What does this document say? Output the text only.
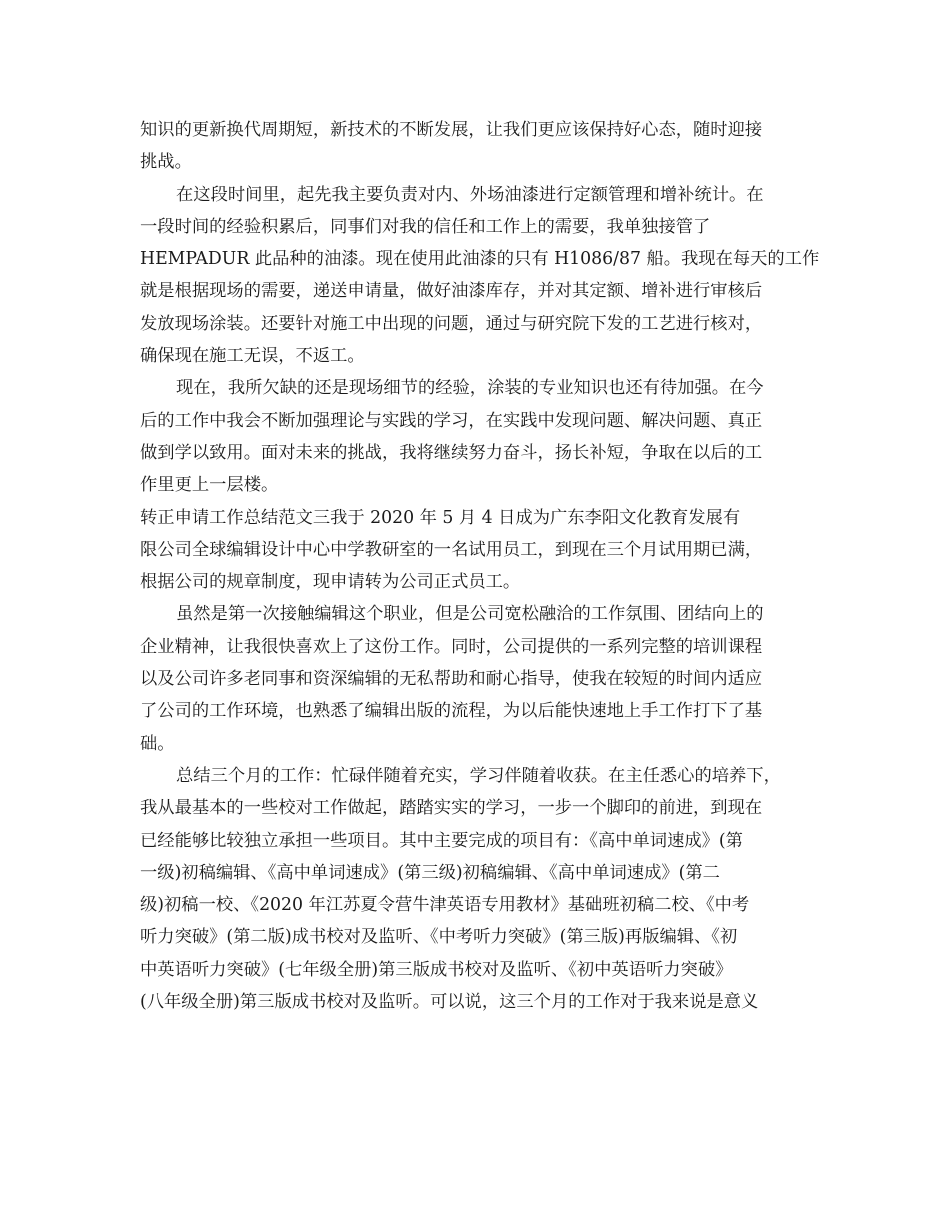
知识的更新换代周期短，新技术的不断发展，让我们更应该保持好心态，随时迎接
挑战。
在这段时间里，起先我主要负责对内、外场油漆进行定额管理和增补统计。在
一段时间的经验积累后，同事们对我的信任和工作上的需要，我单独接管了
HEMPADUR 此品种的油漆。现在使用此油漆的只有 H1086/87 船。我现在每天的工作
就是根据现场的需要，递送申请量，做好油漆库存，并对其定额、增补进行审核后
发放现场涂装。还要针对施工中出现的问题，通过与研究院下发的工艺进行核对，
确保现在施工无误，不返工。
现在，我所欠缺的还是现场细节的经验，涂装的专业知识也还有待加强。在今
后的工作中我会不断加强理论与实践的学习，在实践中发现问题、解决问题、真正
做到学以致用。面对未来的挑战，我将继续努力奋斗，扬长补短，争取在以后的工
作里更上一层楼。
转正申请工作总结范文三我于 2020 年 5 月 4 日成为广东李阳文化教育发展有
限公司全球编辑设计中心中学教研室的一名试用员工，到现在三个月试用期已满，
根据公司的规章制度，现申请转为公司正式员工。
虽然是第一次接触编辑这个职业，但是公司宽松融洽的工作氛围、团结向上的
企业精神，让我很快喜欢上了这份工作。同时，公司提供的一系列完整的培训课程
以及公司许多老同事和资深编辑的无私帮助和耐心指导，使我在较短的时间内适应
了公司的工作环境，也熟悉了编辑出版的流程，为以后能快速地上手工作打下了基
础。
总结三个月的工作：忙碌伴随着充实，学习伴随着收获。在主任悉心的培养下，
我从最基本的一些校对工作做起，踏踏实实的学习，一步一个脚印的前进，到现在
已经能够比较独立承担一些项目。其中主要完成的项目有：《高中单词速成》(第
一级)初稿编辑、《高中单词速成》(第三级)初稿编辑、《高中单词速成》(第二
级)初稿一校、《2020 年江苏夏令营牛津英语专用教材》基础班初稿二校、《中考
听力突破》(第二版)成书校对及监听、《中考听力突破》(第三版)再版编辑、《初
中英语听力突破》(七年级全册)第三版成书校对及监听、《初中英语听力突破》
(八年级全册)第三版成书校对及监听。可以说，这三个月的工作对于我来说是意义
